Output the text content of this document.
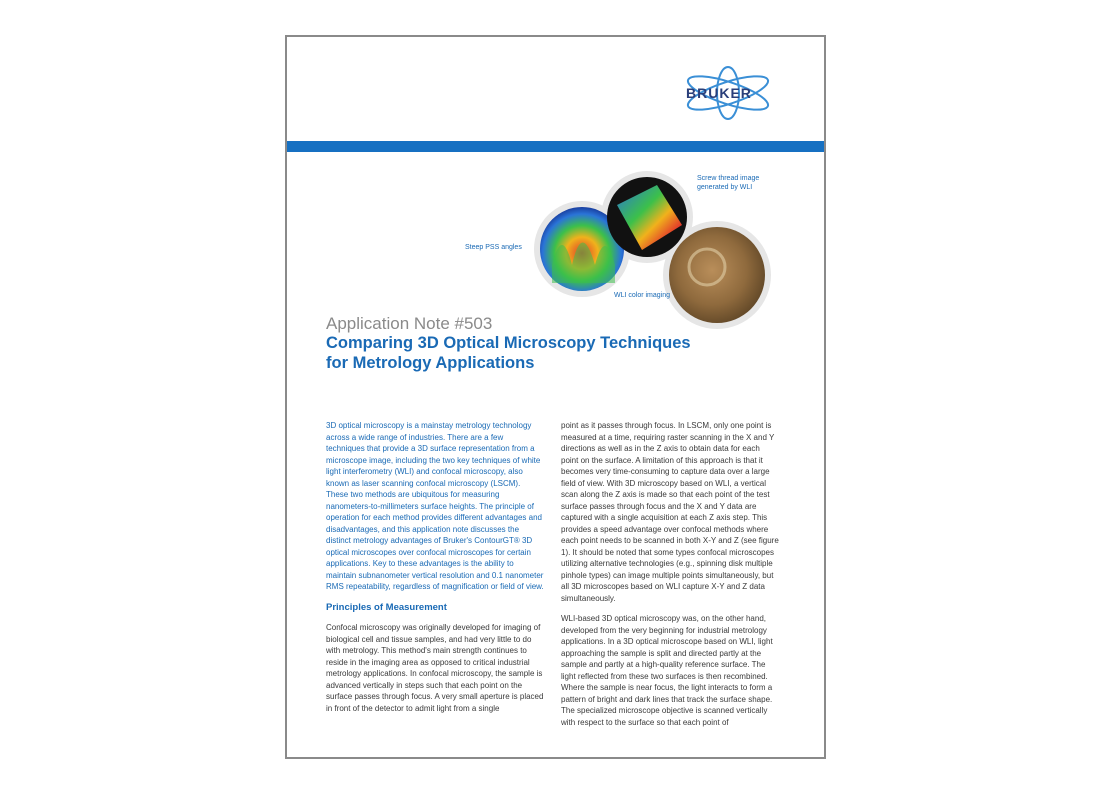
BRUKER
Screw thread image generated by WLI
Steep PSS angles
WLI color imaging
Application Note #503
Comparing 3D Optical Microscopy Techniques
for Metrology Applications

3D optical microscopy is a mainstay metrology technology across a wide range of industries. There are a few techniques that provide a 3D surface representation from a microscope image, including the two key techniques of white light interferometry (WLI) and confocal microscopy, also known as laser scanning confocal microscopy (LSCM). These two methods are ubiquitous for measuring nanometers-to-millimeters surface heights. The principle of operation for each method provides different advantages and disadvantages, and this application note discusses the distinct metrology advantages of Bruker's ContourGT® 3D optical microscopes over confocal microscopes for certain applications. Key to these advantages is the ability to maintain subnanometer vertical resolution and 0.1 nanometer RMS repeatability, regardless of magnification or field of view.

Principles of Measurement

Confocal microscopy was originally developed for imaging of biological cell and tissue samples, and had very little to do with metrology. This method's main strength continues to reside in the imaging area as opposed to critical industrial metrology applications. In confocal microscopy, the sample is advanced vertically in steps such that each point on the surface passes through focus. A very small aperture is placed in front of the detector to admit light from a single

point as it passes through focus. In LSCM, only one point is measured at a time, requiring raster scanning in the X and Y directions as well as in the Z axis to obtain data for each point on the surface. A limitation of this approach is that it becomes very time-consuming to capture data over a large field of view. With 3D microscopy based on WLI, a vertical scan along the Z axis is made so that each point of the test surface passes through focus and the X and Y data are captured with a single acquisition at each Z axis step. This provides a speed advantage over confocal methods where each point needs to be scanned in both X-Y and Z (see figure 1). It should be noted that some types confocal microscopes utilizing alternative technologies (e.g., spinning disk multiple pinhole types) can image multiple points simultaneously, but all 3D microscopes based on WLI capture X-Y and Z data simultaneously.

WLI-based 3D optical microscopy was, on the other hand, developed from the very beginning for industrial metrology applications. In a 3D optical microscope based on WLI, light approaching the sample is split and directed partly at the sample and partly at a high-quality reference surface. The light reflected from these two surfaces is then recombined. Where the sample is near focus, the light interacts to form a pattern of bright and dark lines that track the surface shape. The specialized microscope objective is scanned vertically with respect to the surface so that each point of
